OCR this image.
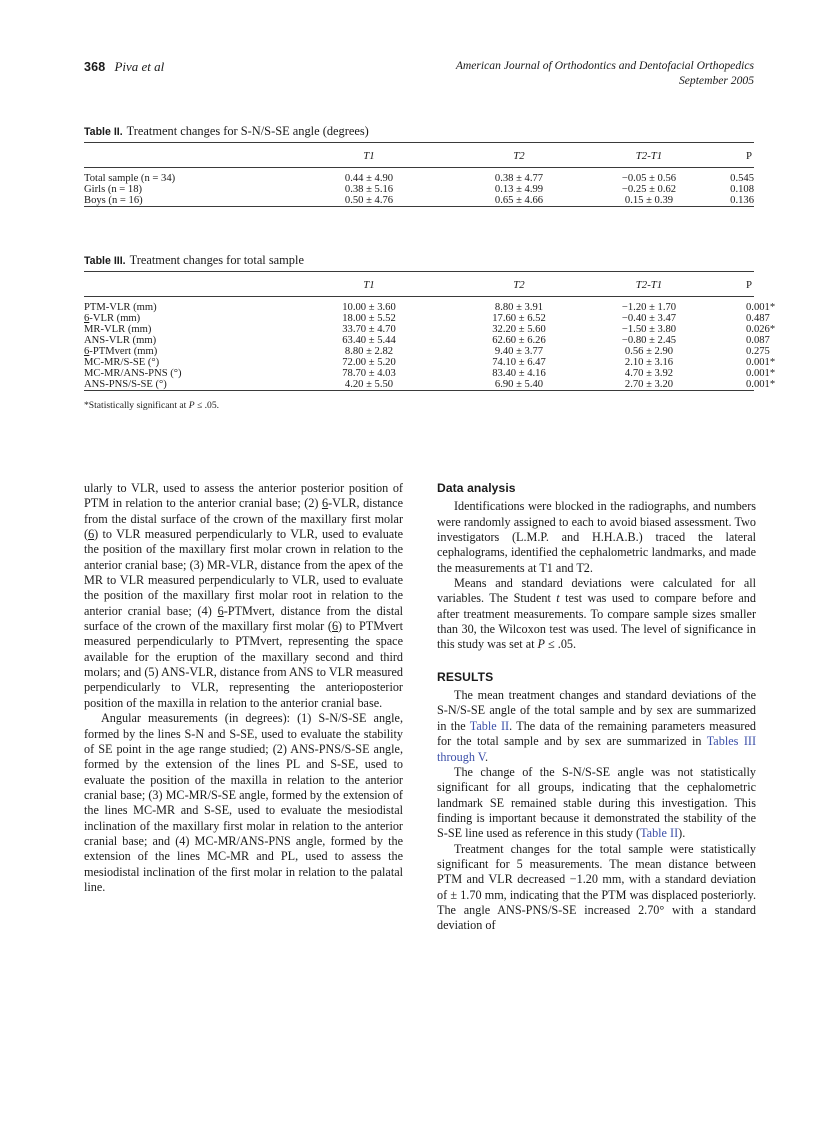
368 Piva et al	American Journal of Orthodontics and Dentofacial Orthopedics
September 2005
Table II. Treatment changes for S-N/S-SE angle (degrees)

	T1	T2	T2-T1	P

Total sample (n = 34)	0.44 ± 4.90	0.38 ± 4.77	−0.05 ± 0.56	0.545
Girls (n = 18)	0.38 ± 5.16	0.13 ± 4.99	−0.25 ± 0.62	0.108
Boys (n = 16)	0.50 ± 4.76	0.65 ± 4.66	0.15 ± 0.39	0.136

Table III. Treatment changes for total sample

	T1	T2	T2-T1	P

PTM-VLR (mm)	10.00 ± 3.60	8.80 ± 3.91	−1.20 ± 1.70	0.001*
6-VLR (mm)	18.00 ± 5.52	17.60 ± 6.52	−0.40 ± 3.47	0.487
MR-VLR (mm)	33.70 ± 4.70	32.20 ± 5.60	−1.50 ± 3.80	0.026*
ANS-VLR (mm)	63.40 ± 5.44	62.60 ± 6.26	−0.80 ± 2.45	0.087
6-PTMvert (mm)	8.80 ± 2.82	9.40 ± 3.77	0.56 ± 2.90	0.275
MC-MR/S-SE (°)	72.00 ± 5.20	74.10 ± 6.47	2.10 ± 3.16	0.001*
MC-MR/ANS-PNS (°)	78.70 ± 4.03	83.40 ± 4.16	4.70 ± 3.92	0.001*
ANS-PNS/S-SE (°)	4.20 ± 5.50	6.90 ± 5.40	2.70 ± 3.20	0.001*

*Statistically significant at P ≤ .05.

ularly to VLR, used to assess the anterior posterior position of PTM in relation to the anterior cranial base; (2) 6-VLR, distance from the distal surface of the crown of the maxillary first molar (6) to VLR measured perpendicularly to VLR, used to evaluate the position of the maxillary first molar crown in relation to the anterior cranial base; (3) MR-VLR, distance from the apex of the MR to VLR measured perpendicularly to VLR, used to evaluate the position of the maxillary first molar root in relation to the anterior cranial base; (4) 6-PTMvert, distance from the distal surface of the crown of the maxillary first molar (6) to PTMvert measured perpendicularly to PTMvert, representing the space available for the eruption of the maxillary second and third molars; and (5) ANS-VLR, distance from ANS to VLR measured perpendicularly to VLR, representing the anterioposterior position of the maxilla in relation to the anterior cranial base.

Angular measurements (in degrees): (1) S-N/S-SE angle, formed by the lines S-N and S-SE, used to evaluate the stability of SE point in the age range studied; (2) ANS-PNS/S-SE angle, formed by the extension of the lines PL and S-SE, used to evaluate the position of the maxilla in relation to the anterior cranial base; (3) MC-MR/S-SE angle, formed by the extension of the lines MC-MR and S-SE, used to evaluate the mesiodistal inclination of the maxillary first molar in relation to the anterior cranial base; and (4) MC-MR/ANS-PNS angle, formed by the extension of the lines MC-MR and PL, used to assess the mesiodistal inclination of the first molar in relation to the palatal line.

Data analysis

Identifications were blocked in the radiographs, and numbers were randomly assigned to each to avoid biased assessment. Two investigators (L.M.P. and H.H.A.B.) traced the lateral cephalograms, identified the cephalometric landmarks, and made the measurements at T1 and T2.

Means and standard deviations were calculated for all variables. The Student t test was used to compare before and after treatment measurements. To compare sample sizes smaller than 30, the Wilcoxon test was used. The level of significance in this study was set at P ≤ .05.

RESULTS

The mean treatment changes and standard deviations of the S-N/S-SE angle of the total sample and by sex are summarized in the Table II. The data of the remaining parameters measured for the total sample and by sex are summarized in Tables III through V.

The change of the S-N/S-SE angle was not statistically significant for all groups, indicating that the cephalometric landmark SE remained stable during this investigation. This finding is important because it demonstrated the stability of the S-SE line used as reference in this study (Table II).

Treatment changes for the total sample were statistically significant for 5 measurements. The mean distance between PTM and VLR decreased −1.20 mm, with a standard deviation of ± 1.70 mm, indicating that the PTM was displaced posteriorly. The angle ANS-PNS/S-SE increased 2.70° with a standard deviation of
